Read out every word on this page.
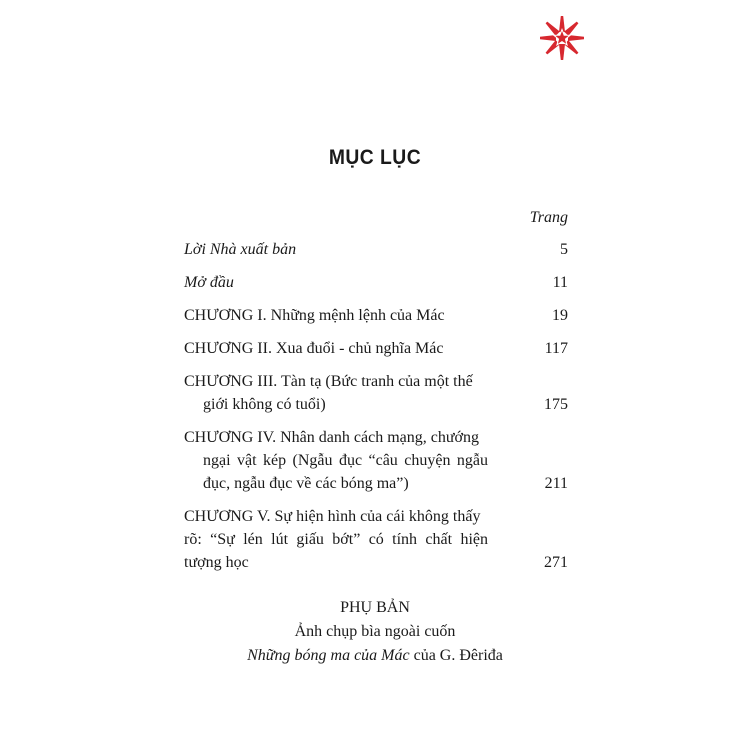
MỤC LỤC
Trang
Lời Nhà xuất bản	5
Mở đầu	11
CHƯƠNG I. Những mệnh lệnh của Mác	19
CHƯƠNG II. Xua đuổi - chủ nghĩa Mác	117
CHƯƠNG III. Tàn tạ (Bức tranh của một thế
giới không có tuổi)	175
CHƯƠNG IV. Nhân danh cách mạng, chướng
ngại vật kép (Ngẫu đục “câu chuyện ngẫu đục, ngẫu đục về các bóng ma”)	211
CHƯƠNG V. Sự hiện hình của cái không thấy
rõ: “Sự lén lút giấu bớt” có tính chất hiện tượng học	271
PHỤ BẢN
Ảnh chụp bìa ngoài cuốn
Những bóng ma của Mác của G. Đêriđa
